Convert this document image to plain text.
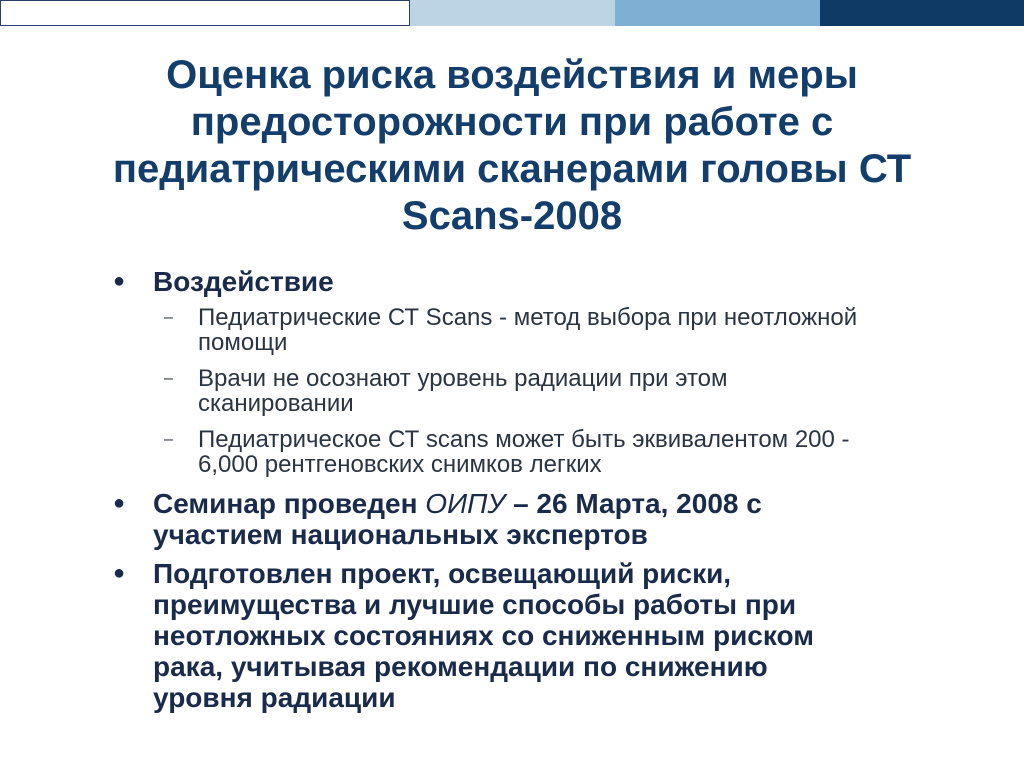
Оценка риска воздействия и меры
предосторожности при работе с
педиатрическими сканерами головы СТ
Scans-2008
● Воздействие
– Педиатрические СТ Scans - метод выбора при неотложной
помощи
– Врачи не осознают уровень радиации при этом
сканировании
– Педиатрическое СТ scans может быть эквивалентом 200 -
6,000 рентгеновских снимков легких
● Семинар проведен ОИПУ – 26 Марта, 2008 с
участием национальных экспертов
● Подготовлен проект, освещающий риски,
преимущества и лучшие способы работы при
неотложных состояниях со сниженным риском
рака, учитывая рекомендации по снижению
уровня радиации
